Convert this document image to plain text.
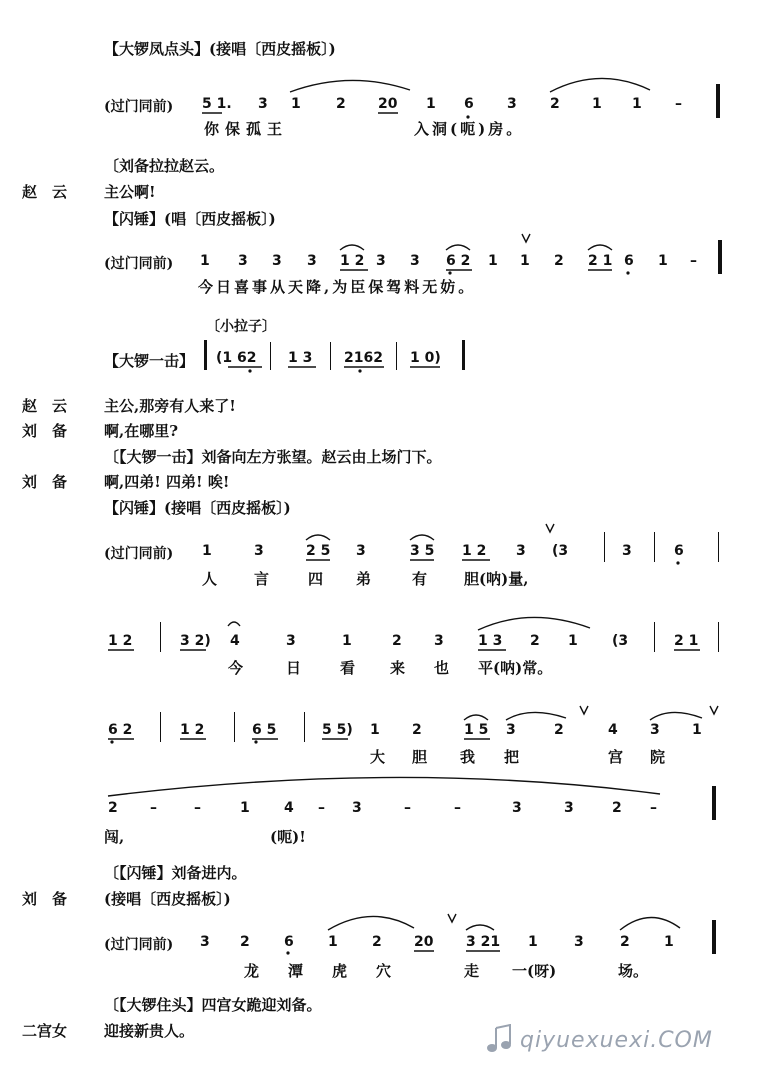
【大锣凤点头】(接唱〔西皮摇板〕)
(过门同前) 5 1. 3 1	2 20 1 6 3 2 1 1 –
你保孤王	入洞(呃)房。
〔刘备拉拉赵云。
赵　云	主公啊!
【闪锤】(唱〔西皮摇板〕)
(过门同前) 1 3 3 3 1 2 3 3 6 2 1 1 2 2 1 6 1 –
今日喜事从天降,为臣保驾料无妨。
〔小拉子〕
【大锣一击】 (1 62 1 3 2162 1 0)
赵　云	主公,那旁有人来了!
刘　备	啊,在哪里?
〔【大锣一击】刘备向左方张望。赵云由上场门下。
刘　备	啊,四弟! 四弟! 唉!
【闪锤】(接唱〔西皮摇板〕)
(过门同前) 1	3	2 5 3	3 5 1 2 3 (3	3	6
人 言	四 弟	有 胆(呐)量,
1 2	3 2) 4	3	1	2 3 1 3 2 1 (3	2 1
今	日	看 来 也 平(呐)常。
6 2	1 2	6 5	5 5) 1 2	1 5 3	2	4 3 1
大 胆 我 把	宫 院
2 –	–	1 4 – 3	–	–	3	3	2 –
闯,	(呃)!
〔【闪锤】刘备进内。
刘　备	(接唱〔西皮摇板〕)
(过门同前) 3 2 6 1 2 20 3 21 1	3	2 1
龙 潭 虎 穴	走 一(呀)	场。
〔【大锣住头】四宫女跪迎刘备。
二宫女	迎接新贵人。	qiyuexuexi.COM
